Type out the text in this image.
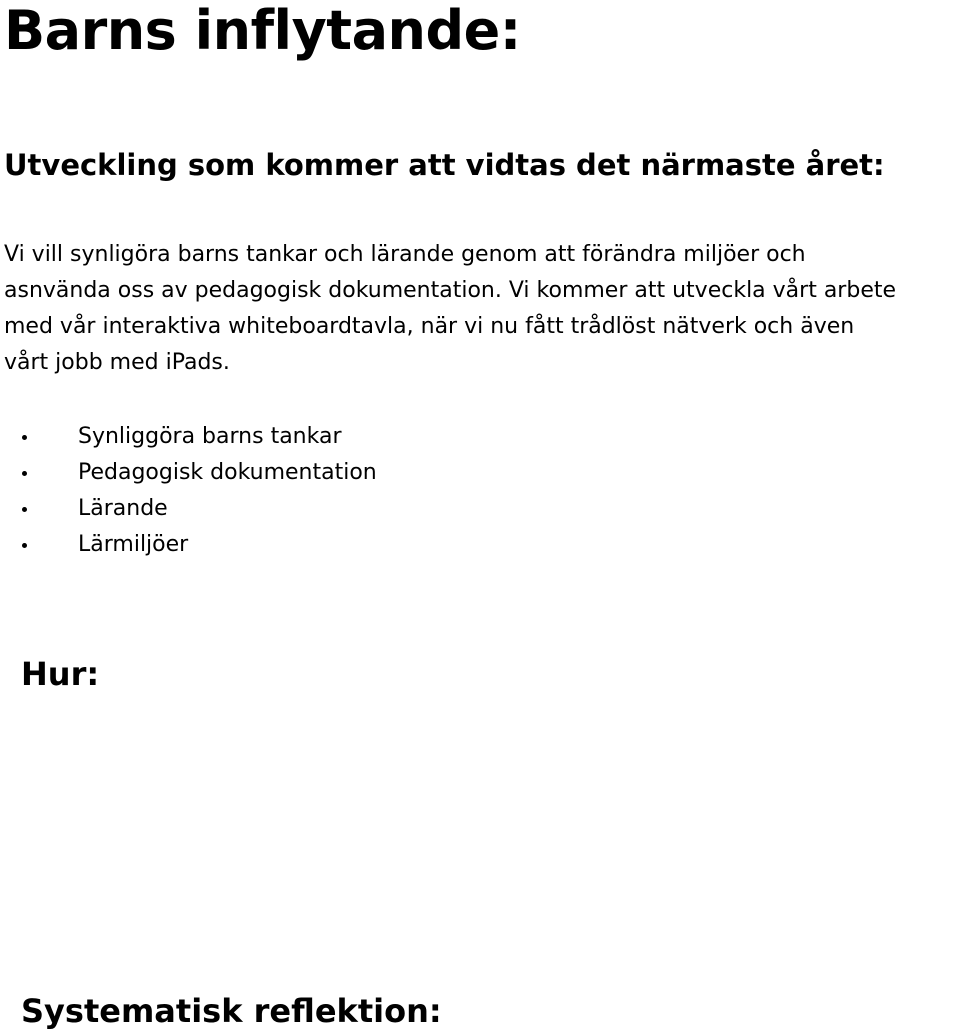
Barns inflytande:
Utveckling som kommer att vidtas det närmaste året:

Vi vill synligöra barns tankar och lärande genom att förändra miljöer och
asnvända oss av pedagogisk dokumentation. Vi kommer att utveckla vårt arbete
med vår interaktiva whiteboardtavla, när vi nu fått trådlöst nätverk och även
vårt jobb med iPads.

Synliggöra barns tankar
Pedagogisk dokumentation
Lärande
Lärmiljöer
Hur:
Systematisk reflektion:
